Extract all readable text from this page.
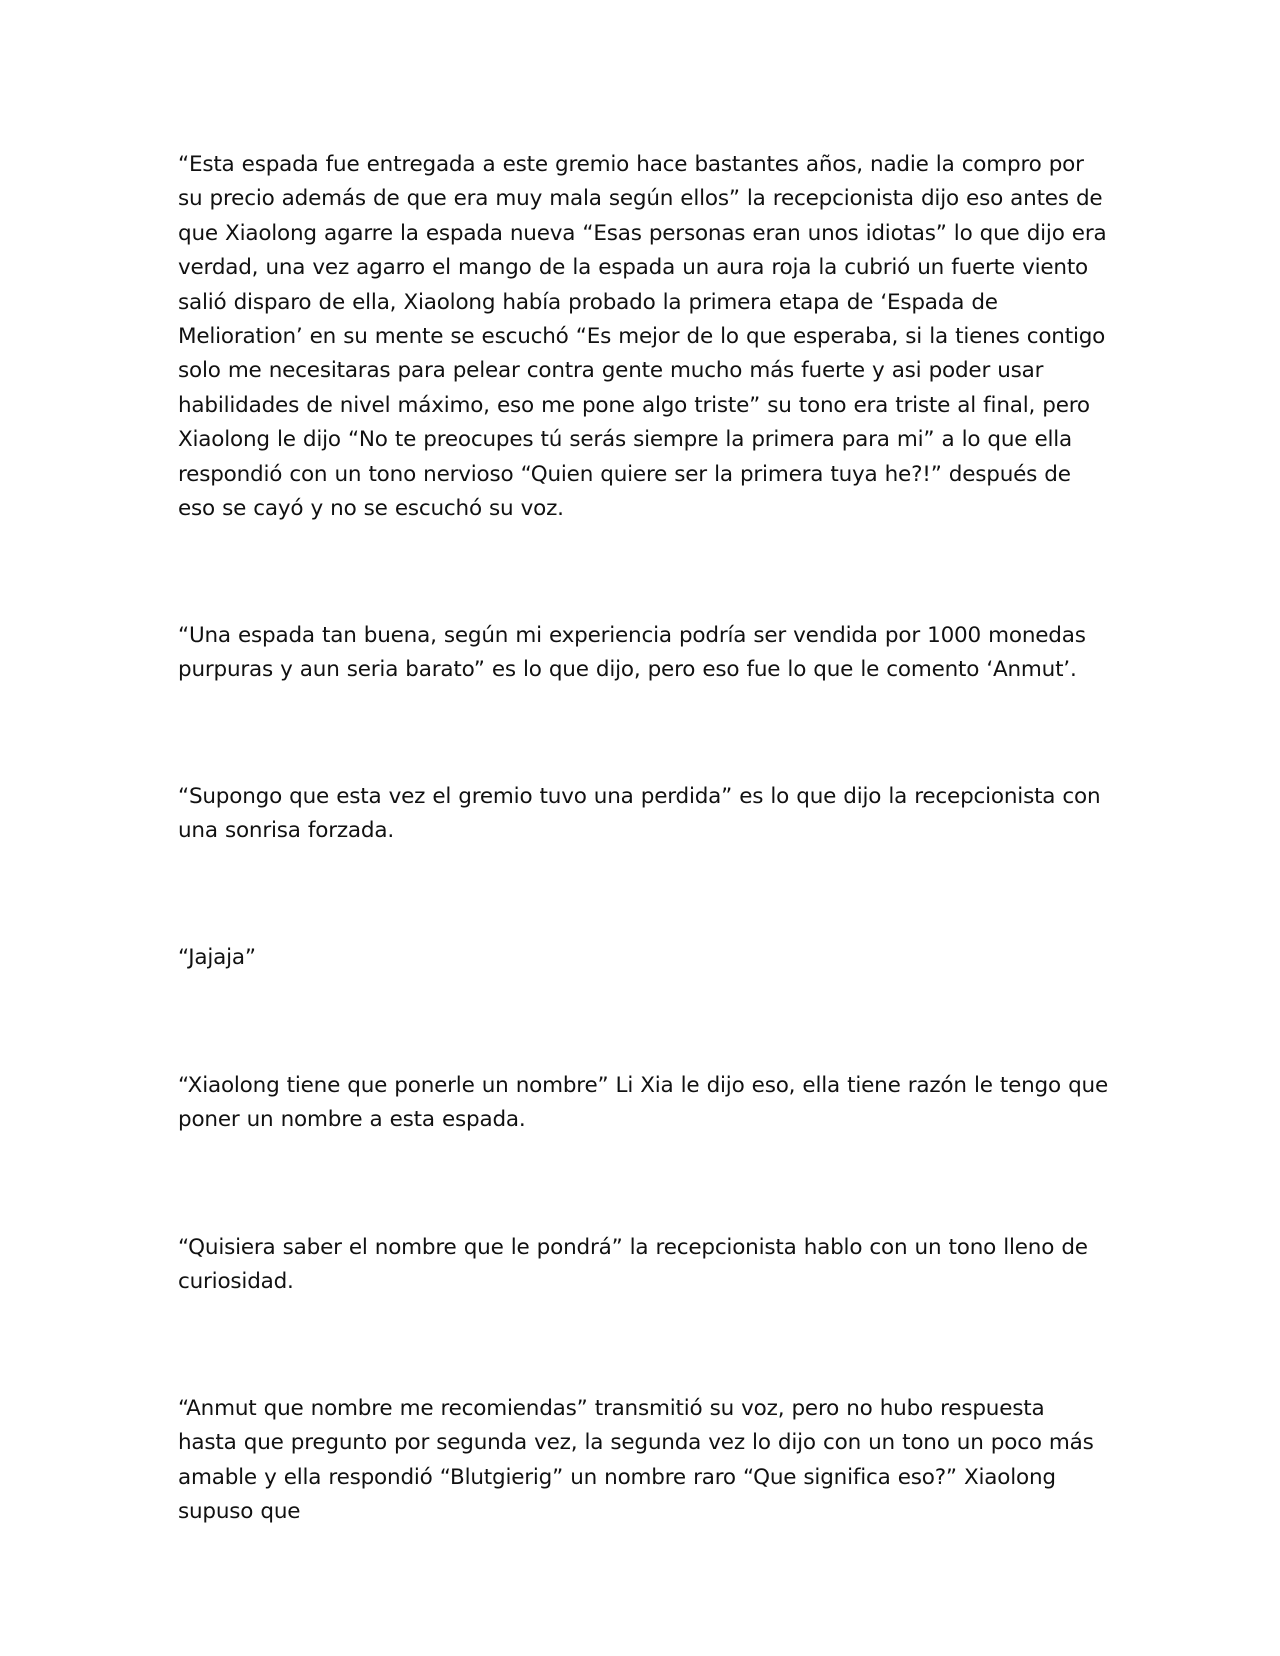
“Esta espada fue entregada a este gremio hace bastantes años, nadie la compro por su precio además de que era muy mala según ellos” la recepcionista dijo eso antes de que Xiaolong agarre la espada nueva “Esas personas eran unos idiotas” lo que dijo era verdad, una vez agarro el mango de la espada un aura roja la cubrió un fuerte viento salió disparo de ella, Xiaolong había probado la primera etapa de ‘Espada de Melioration’ en su mente se escuchó “Es mejor de lo que esperaba, si la tienes contigo solo me necesitaras para pelear contra gente mucho más fuerte y asi poder usar habilidades de nivel máximo, eso me pone algo triste” su tono era triste al final, pero Xiaolong le dijo “No te preocupes tú serás siempre la primera para mi” a lo que ella respondió con un tono nervioso “Quien quiere ser la primera tuya he?!” después de eso se cayó y no se escuchó su voz.

“Una espada tan buena, según mi experiencia podría ser vendida por 1000 monedas purpuras y aun seria barato” es lo que dijo, pero eso fue lo que le comento ‘Anmut’.

“Supongo que esta vez el gremio tuvo una perdida” es lo que dijo la recepcionista con una sonrisa forzada.

“Jajaja”

“Xiaolong tiene que ponerle un nombre” Li Xia le dijo eso, ella tiene razón le tengo que poner un nombre a esta espada.

“Quisiera saber el nombre que le pondrá” la recepcionista hablo con un tono lleno de curiosidad.

“Anmut que nombre me recomiendas” transmitió su voz, pero no hubo respuesta hasta que pregunto por segunda vez, la segunda vez lo dijo con un tono un poco más amable y ella respondió “Blutgierig” un nombre raro “Que significa eso?” Xiaolong supuso que
